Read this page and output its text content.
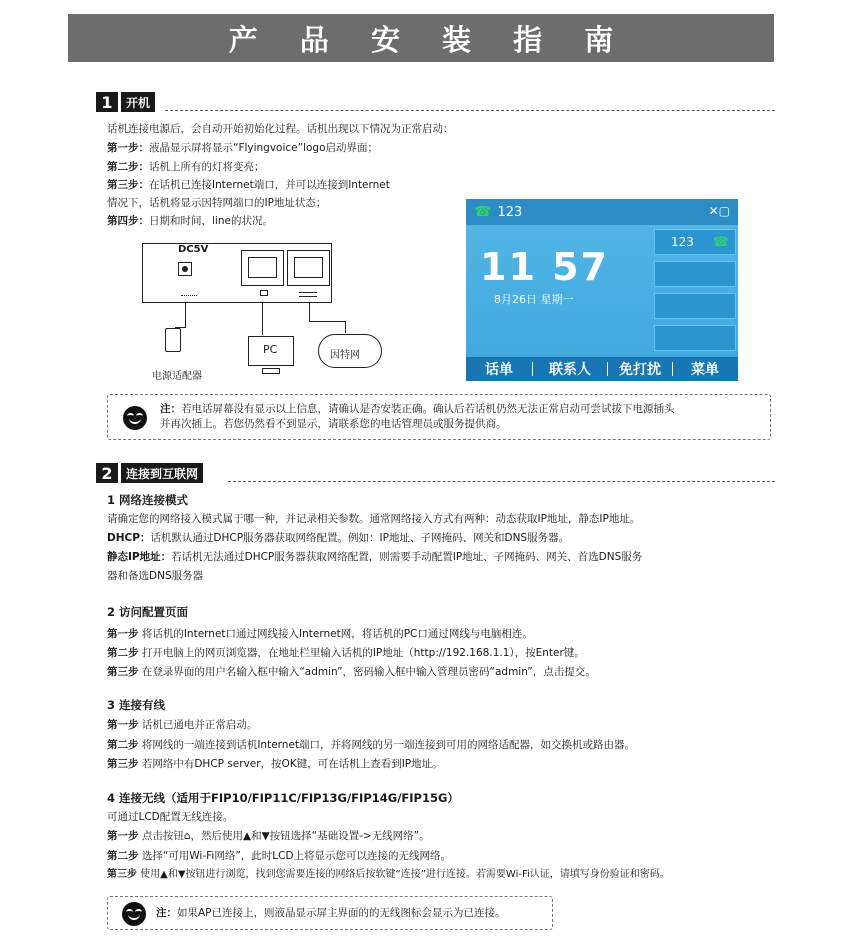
产 品 安 装 指 南
1	开机
话机连接电源后，会自动开始初始化过程。话机出现以下情况为正常启动：
第一步：液晶显示屏将显示“Flyingvoice”logo启动界面；
第二步：话机上所有的灯将变亮；
第三步：在话机已连接Internet端口，并可以连接到Internet
情况下，话机将显示因特网端口的IP地址状态；
第四步：日期和时间，line的状况。
DC5V
电源适配器
PC	因特网
☎ 123	✕▢
123 ☎
11 57
8月26日 星期一
话单	联系人	免打扰	菜单
注：若电话屏幕没有显示以上信息，请确认是否安装正确。确认后若话机仍然无法正常启动可尝试拔下电源插头
并再次插上。若您仍然看不到显示，请联系您的电话管理员或服务提供商。
2	连接到互联网
1 网络连接模式
请确定您的网络接入模式属于哪一种，并记录相关参数。通常网络接入方式有两种：动态获取IP地址，静态IP地址。
DHCP：话机默认通过DHCP服务器获取网络配置。例如：IP地址、子网掩码、网关和DNS服务器。
静态IP地址：若话机无法通过DHCP服务器获取网络配置，则需要手动配置IP地址、子网掩码、网关、首选DNS服务
器和备选DNS服务器
2 访问配置页面
第一步 将话机的Internet口通过网线接入Internet网，将话机的PC口通过网线与电脑相连。
第二步 打开电脑上的网页浏览器，在地址栏里输入话机的IP地址（http://192.168.1.1），按Enter键。
第三步 在登录界面的用户名输入框中输入“admin”，密码输入框中输入管理员密码“admin”，点击提交。
3 连接有线
第一步 话机已通电并正常启动。
第二步 将网线的一端连接到话机Internet端口，并将网线的另一端连接到可用的网络适配器，如交换机或路由器。
第三步 若网络中有DHCP server，按OK键，可在话机上查看到IP地址。
4 连接无线（适用于FIP10/FIP11C/FIP13G/FIP14G/FIP15G）
可通过LCD配置无线连接。
第一步 点击按钮⌂，然后使用▲和▼按钮选择“基础设置->无线网络”。
第二步 选择“可用Wi-Fi网络”，此时LCD上将显示您可以连接的无线网络。
第三步 使用▲和▼按钮进行浏览，找到您需要连接的网络后按软键“连接”进行连接。若需要Wi-Fi认证，请填写身份验证和密码。
注：如果AP已连接上，则液晶显示屏主界面的的无线图标会显示为已连接。
